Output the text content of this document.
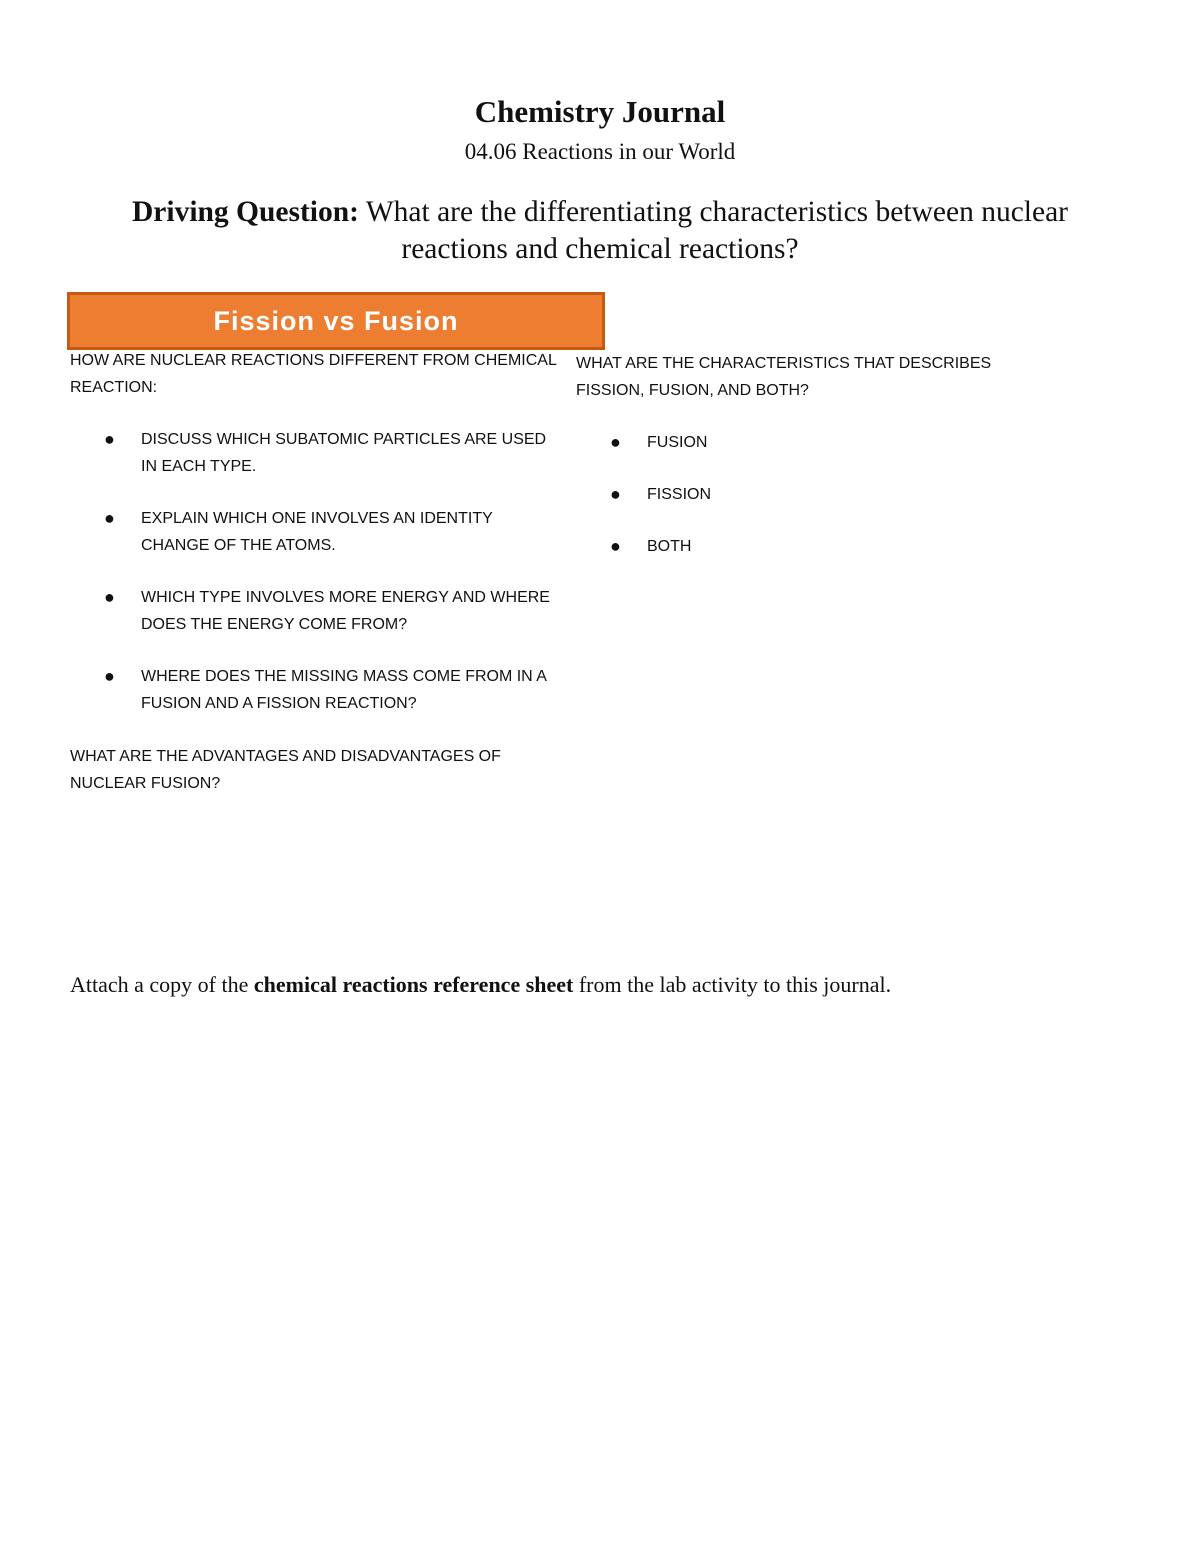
Chemistry Journal
04.06 Reactions in our World
Driving Question: What are the differentiating characteristics between nuclear reactions and chemical reactions?
Fission vs Fusion

HOW ARE NUCLEAR REACTIONS DIFFERENT FROM CHEMICAL REACTION:

● DISCUSS WHICH SUBATOMIC PARTICLES ARE USED IN EACH TYPE.
● EXPLAIN WHICH ONE INVOLVES AN IDENTITY CHANGE OF THE ATOMS.
● WHICH TYPE INVOLVES MORE ENERGY AND WHERE DOES THE ENERGY COME FROM?
● WHERE DOES THE MISSING MASS COME FROM IN A FUSION AND A FISSION REACTION?

WHAT ARE THE ADVANTAGES AND DISADVANTAGES OF NUCLEAR FUSION?

WHAT ARE THE CHARACTERISTICS THAT DESCRIBES FISSION, FUSION, AND BOTH?

● FUSION
● FISSION
● BOTH
Attach a copy of the chemical reactions reference sheet from the lab activity to this journal.
